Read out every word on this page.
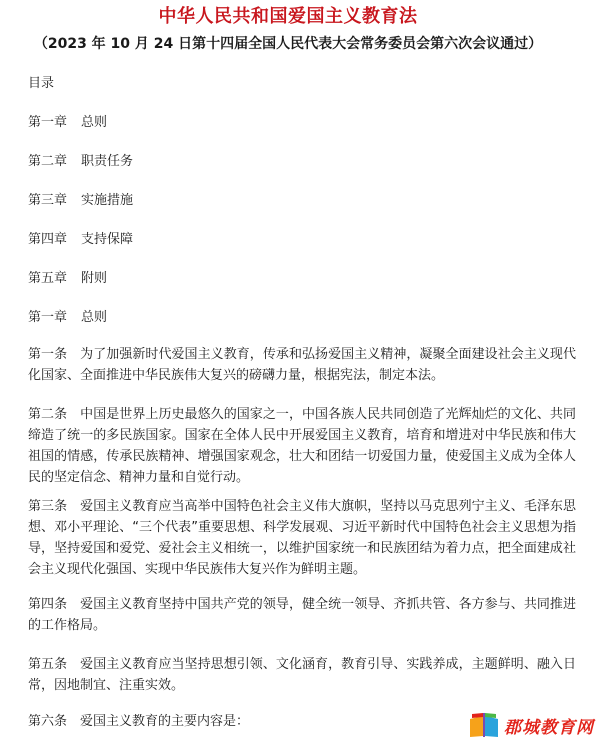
中华人民共和国爱国主义教育法
（2023 年 10 月 24 日第十四届全国人民代表大会常务委员会第六次会议通过）
目录
第一章 总则
第二章 职责任务
第三章 实施措施
第四章 支持保障
第五章 附则
第一章 总则
第一条 为了加强新时代爱国主义教育，传承和弘扬爱国主义精神，凝聚全面建设社会主义现代化国家、全面推进中华民族伟大复兴的磅礴力量，根据宪法，制定本法。
第二条 中国是世界上历史最悠久的国家之一，中国各族人民共同创造了光辉灿烂的文化、共同缔造了统一的多民族国家。国家在全体人民中开展爱国主义教育，培育和增进对中华民族和伟大祖国的情感，传承民族精神、增强国家观念，壮大和团结一切爱国力量，使爱国主义成为全体人民的坚定信念、精神力量和自觉行动。
第三条 爱国主义教育应当高举中国特色社会主义伟大旗帜，坚持以马克思列宁主义、毛泽东思想、邓小平理论、“三个代表”重要思想、科学发展观、习近平新时代中国特色社会主义思想为指导，坚持爱国和爱党、爱社会主义相统一，以维护国家统一和民族团结为着力点，把全面建成社会主义现代化强国、实现中华民族伟大复兴作为鲜明主题。
第四条 爱国主义教育坚持中国共产党的领导，健全统一领导、齐抓共管、各方参与、共同推进的工作格局。
第五条 爱国主义教育应当坚持思想引领、文化涵育，教育引导、实践养成，主题鲜明、融入日常，因地制宜、注重实效。
第六条 爱国主义教育的主要内容是：	郡城教育网
